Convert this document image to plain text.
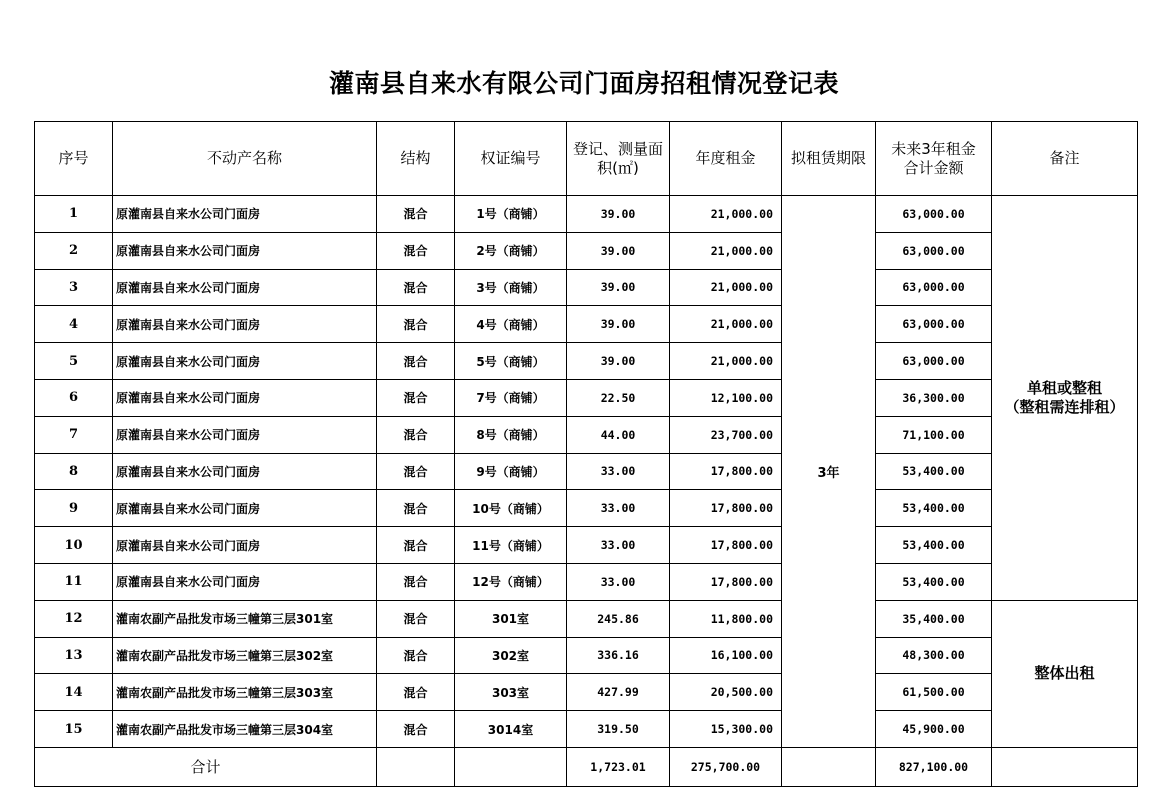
灌南县自来水有限公司门面房招租情况登记表
序号	不动产名称	结构	权证编号	登记、测量面
积(㎡)	年度租金	拟租赁期限	未来3年租金
合计金额	备注
1	原灌南县自来水公司门面房	混合	1号（商铺）	39.00	21,000.00	3年	63,000.00	单租或整租
（整租需连排租）
2	原灌南县自来水公司门面房	混合	2号（商铺）	39.00	21,000.00		63,000.00	
3	原灌南县自来水公司门面房	混合	3号（商铺）	39.00	21,000.00		63,000.00	
4	原灌南县自来水公司门面房	混合	4号（商铺）	39.00	21,000.00		63,000.00	
5	原灌南县自来水公司门面房	混合	5号（商铺）	39.00	21,000.00		63,000.00	
6	原灌南县自来水公司门面房	混合	7号（商铺）	22.50	12,100.00		36,300.00	
7	原灌南县自来水公司门面房	混合	8号（商铺）	44.00	23,700.00		71,100.00	
8	原灌南县自来水公司门面房	混合	9号（商铺）	33.00	17,800.00		53,400.00	
9	原灌南县自来水公司门面房	混合	10号（商铺）	33.00	17,800.00		53,400.00	
10	原灌南县自来水公司门面房	混合	11号（商铺）	33.00	17,800.00		53,400.00	
11	原灌南县自来水公司门面房	混合	12号（商铺）	33.00	17,800.00		53,400.00	
12	灌南农副产品批发市场三幢第三层301室	混合	301室	245.86	11,800.00		35,400.00	整体出租
13	灌南农副产品批发市场三幢第三层302室	混合	302室	336.16	16,100.00		48,300.00	
14	灌南农副产品批发市场三幢第三层303室	混合	303室	427.99	20,500.00		61,500.00	
15	灌南农副产品批发市场三幢第三层304室	混合	3014室	319.50	15,300.00		45,900.00	
合计				1,723.01	275,700.00		827,100.00	
